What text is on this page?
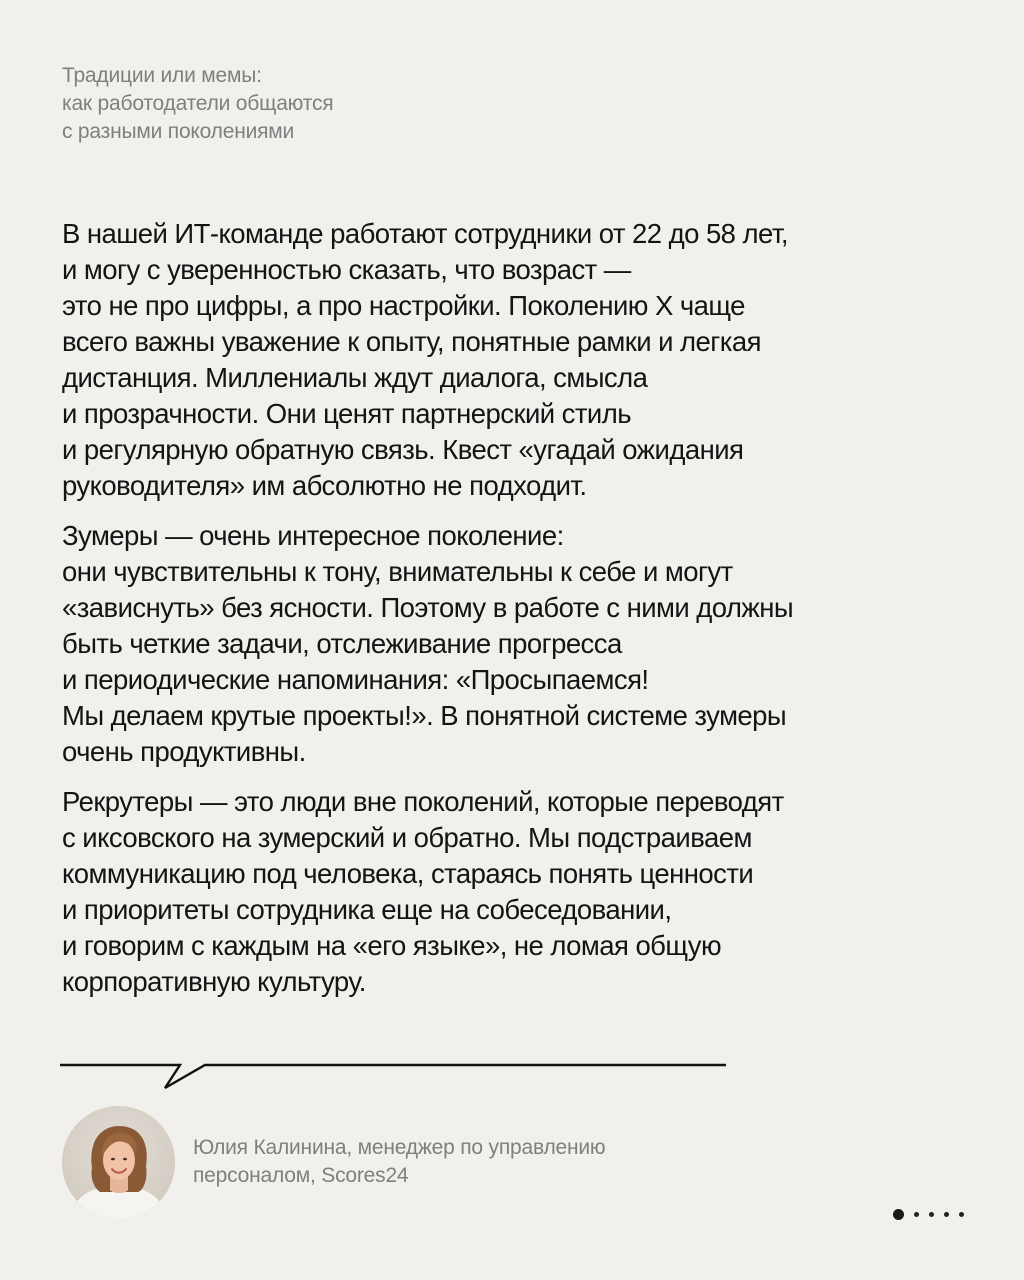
Традиции или мемы:
как работодатели общаются
с разными поколениями

В нашей ИТ-команде работают сотрудники от 22 до 58 лет,
и могу с уверенностью сказать, что возраст —
это не про цифры, а про настройки. Поколению Х чаще
всего важны уважение к опыту, понятные рамки и легкая
дистанция. Миллениалы ждут диалога, смысла
и прозрачности. Они ценят партнерский стиль
и регулярную обратную связь. Квест «угадай ожидания
руководителя» им абсолютно не подходит.

Зумеры — очень интересное поколение:
они чувствительны к тону, внимательны к себе и могут
«зависнуть» без ясности. Поэтому в работе с ними должны
быть четкие задачи, отслеживание прогресса
и периодические напоминания: «Просыпаемся!
Мы делаем крутые проекты!». В понятной системе зумеры
очень продуктивны.

Рекрутеры — это люди вне поколений, которые переводят
с иксовского на зумерский и обратно. Мы подстраиваем
коммуникацию под человека, стараясь понять ценности
и приоритеты сотрудника еще на собеседовании,
и говорим с каждым на «его языке», не ломая общую
корпоративную культуру.

Юлия Калинина, менеджер по управлению
персоналом, Scores24
